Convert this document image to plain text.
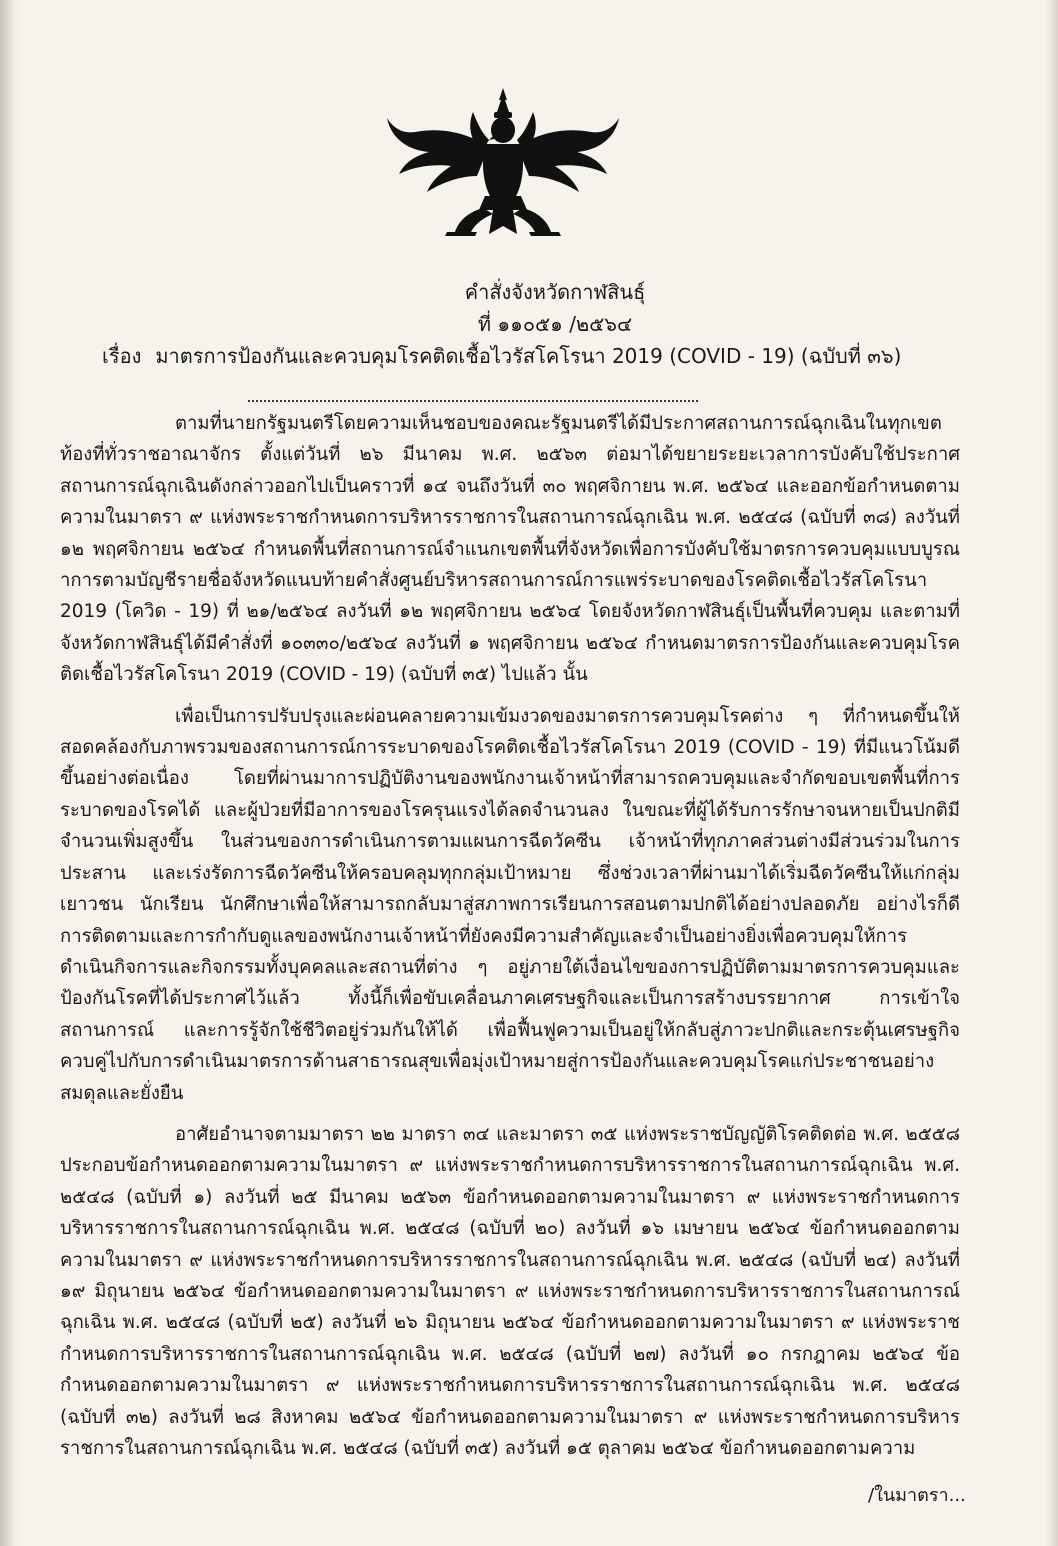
คำสั่งจังหวัดกาฬสินธุ์
ที่ ๑๑๐๕๑ /๒๕๖๔
เรื่อง มาตรการป้องกันและควบคุมโรคติดเชื้อไวรัสโคโรนา 2019 (COVID - 19) (ฉบับที่ ๓๖)

ตามที่นายกรัฐมนตรีโดยความเห็นชอบของคณะรัฐมนตรีได้มีประกาศสถานการณ์ฉุกเฉินในทุกเขตท้องที่ทั่วราชอาณาจักร ตั้งแต่วันที่ ๒๖ มีนาคม พ.ศ. ๒๕๖๓ ต่อมาได้ขยายระยะเวลาการบังคับใช้ประกาศสถานการณ์ฉุกเฉินดังกล่าวออกไปเป็นคราวที่ ๑๔ จนถึงวันที่ ๓๐ พฤศจิกายน พ.ศ. ๒๕๖๔ และออกข้อกำหนดตามความในมาตรา ๙ แห่งพระราชกำหนดการบริหารราชการในสถานการณ์ฉุกเฉิน พ.ศ. ๒๕๔๘ (ฉบับที่ ๓๘) ลงวันที่ ๑๒ พฤศจิกายน ๒๕๖๔ กำหนดพื้นที่สถานการณ์จำแนกเขตพื้นที่จังหวัดเพื่อการบังคับใช้มาตรการควบคุมแบบบูรณาการตามบัญชีรายชื่อจังหวัดแนบท้ายคำสั่งศูนย์บริหารสถานการณ์การแพร่ระบาดของโรคติดเชื้อไวรัสโคโรนา 2019 (โควิด - 19) ที่ ๒๑/๒๕๖๔ ลงวันที่ ๑๒ พฤศจิกายน ๒๕๖๔ โดยจังหวัดกาฬสินธุ์เป็นพื้นที่ควบคุม และตามที่จังหวัดกาฬสินธุ์ได้มีคำสั่งที่ ๑๐๓๓๐/๒๕๖๔ ลงวันที่ ๑ พฤศจิกายน ๒๕๖๔ กำหนดมาตรการป้องกันและควบคุมโรคติดเชื้อไวรัสโคโรนา 2019 (COVID - 19) (ฉบับที่ ๓๕) ไปแล้ว นั้น

เพื่อเป็นการปรับปรุงและผ่อนคลายความเข้มงวดของมาตรการควบคุมโรคต่าง ๆ ที่กำหนดขึ้นให้สอดคล้องกับภาพรวมของสถานการณ์การระบาดของโรคติดเชื้อไวรัสโคโรนา 2019 (COVID - 19) ที่มีแนวโน้มดีขึ้นอย่างต่อเนื่อง โดยที่ผ่านมาการปฏิบัติงานของพนักงานเจ้าหน้าที่สามารถควบคุมและจำกัดขอบเขตพื้นที่การระบาดของโรคได้ และผู้ป่วยที่มีอาการของโรครุนแรงได้ลดจำนวนลง ในขณะที่ผู้ได้รับการรักษาจนหายเป็นปกติมีจำนวนเพิ่มสูงขึ้น ในส่วนของการดำเนินการตามแผนการฉีดวัคซีน เจ้าหน้าที่ทุกภาคส่วนต่างมีส่วนร่วมในการประสาน และเร่งรัดการฉีดวัคซีนให้ครอบคลุมทุกกลุ่มเป้าหมาย ซึ่งช่วงเวลาที่ผ่านมาได้เริ่มฉีดวัคซีนให้แก่กลุ่มเยาวชน นักเรียน นักศึกษาเพื่อให้สามารถกลับมาสู่สภาพการเรียนการสอนตามปกติได้อย่างปลอดภัย อย่างไรก็ดี การติดตามและการกำกับดูแลของพนักงานเจ้าหน้าที่ยังคงมีความสำคัญและจำเป็นอย่างยิ่งเพื่อควบคุมให้การดำเนินกิจการและกิจกรรมทั้งบุคคลและสถานที่ต่าง ๆ อยู่ภายใต้เงื่อนไขของการปฏิบัติตามมาตรการควบคุมและป้องกันโรคที่ได้ประกาศไว้แล้ว ทั้งนี้ก็เพื่อขับเคลื่อนภาคเศรษฐกิจและเป็นการสร้างบรรยากาศ การเข้าใจสถานการณ์ และการรู้จักใช้ชีวิตอยู่ร่วมกันให้ได้ เพื่อฟื้นฟูความเป็นอยู่ให้กลับสู่ภาวะปกติและกระตุ้นเศรษฐกิจ ควบคู่ไปกับการดำเนินมาตรการด้านสาธารณสุขเพื่อมุ่งเป้าหมายสู่การป้องกันและควบคุมโรคแก่ประชาชนอย่างสมดุลและยั่งยืน

อาศัยอำนาจตามมาตรา ๒๒ มาตรา ๓๔ และมาตรา ๓๕ แห่งพระราชบัญญัติโรคติดต่อ พ.ศ. ๒๕๕๘ ประกอบข้อกำหนดออกตามความในมาตรา ๙ แห่งพระราชกำหนดการบริหารราชการในสถานการณ์ฉุกเฉิน พ.ศ. ๒๕๔๘ (ฉบับที่ ๑) ลงวันที่ ๒๕ มีนาคม ๒๕๖๓ ข้อกำหนดออกตามความในมาตรา ๙ แห่งพระราชกำหนดการบริหารราชการในสถานการณ์ฉุกเฉิน พ.ศ. ๒๕๔๘ (ฉบับที่ ๒๐) ลงวันที่ ๑๖ เมษายน ๒๕๖๔ ข้อกำหนดออกตามความในมาตรา ๙ แห่งพระราชกำหนดการบริหารราชการในสถานการณ์ฉุกเฉิน พ.ศ. ๒๕๔๘ (ฉบับที่ ๒๔) ลงวันที่ ๑๙ มิถุนายน ๒๕๖๔ ข้อกำหนดออกตามความในมาตรา ๙ แห่งพระราชกำหนดการบริหารราชการในสถานการณ์ฉุกเฉิน พ.ศ. ๒๕๔๘ (ฉบับที่ ๒๕) ลงวันที่ ๒๖ มิถุนายน ๒๕๖๔ ข้อกำหนดออกตามความในมาตรา ๙ แห่งพระราชกำหนดการบริหารราชการในสถานการณ์ฉุกเฉิน พ.ศ. ๒๕๔๘ (ฉบับที่ ๒๗) ลงวันที่ ๑๐ กรกฎาคม ๒๕๖๔ ข้อกำหนดออกตามความในมาตรา ๙ แห่งพระราชกำหนดการบริหารราชการในสถานการณ์ฉุกเฉิน พ.ศ. ๒๕๔๘ (ฉบับที่ ๓๒) ลงวันที่ ๒๘ สิงหาคม ๒๕๖๔ ข้อกำหนดออกตามความในมาตรา ๙ แห่งพระราชกำหนดการบริหารราชการในสถานการณ์ฉุกเฉิน พ.ศ. ๒๕๔๘ (ฉบับที่ ๓๕) ลงวันที่ ๑๕ ตุลาคม ๒๕๖๔ ข้อกำหนดออกตามความ

/ในมาตรา...
